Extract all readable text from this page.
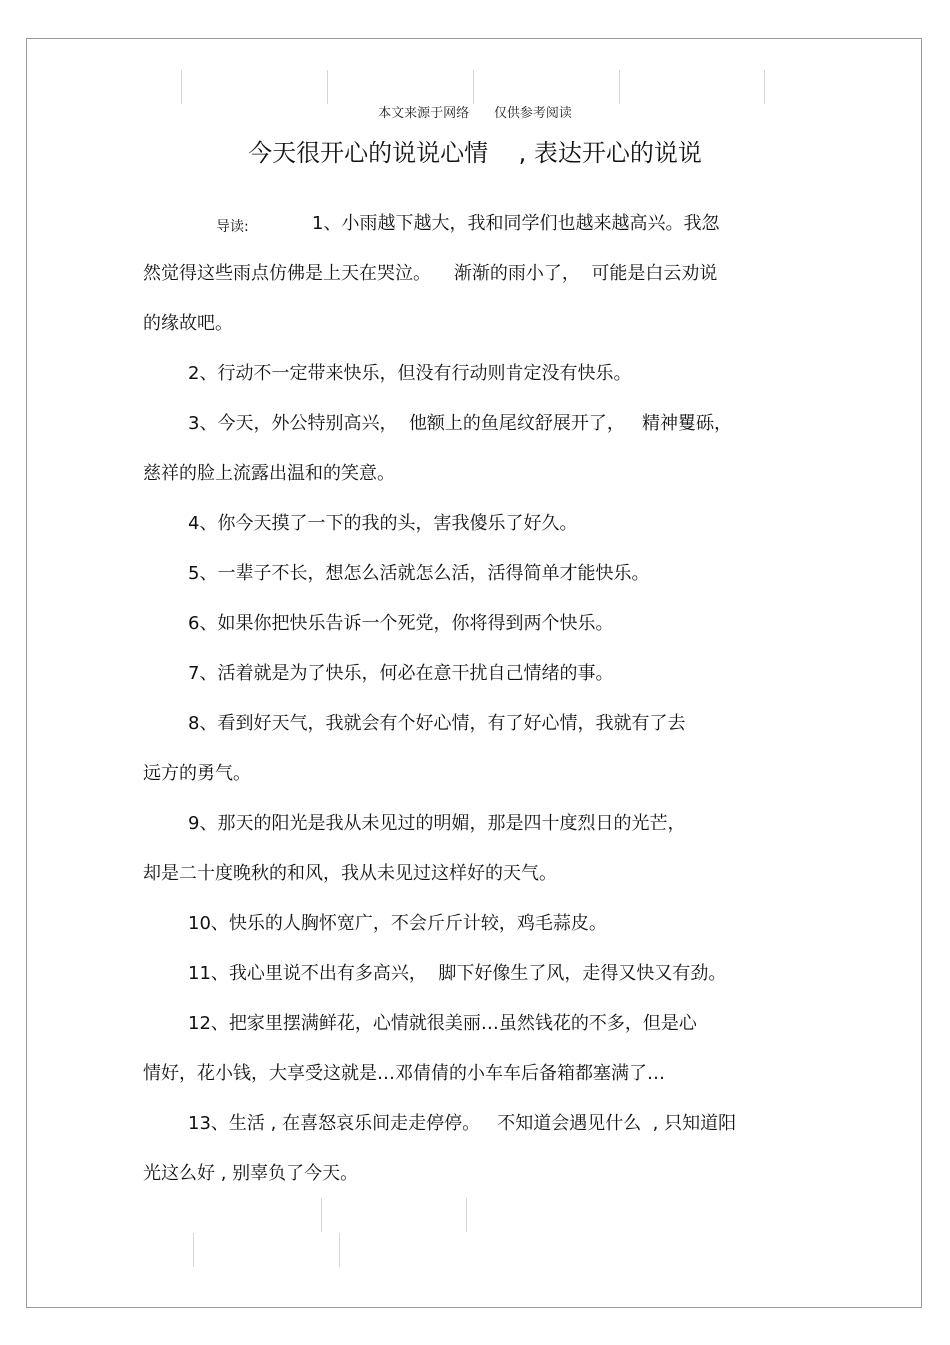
本文来源于网络      仅供参考阅读
今天很开心的说说心情    , 表达开心的说说
导读:	1、小雨越下越大，我和同学们也越来越高兴。我忽
然觉得这些雨点仿佛是上天在哭泣。    渐渐的雨小了，  可能是白云劝说
的缘故吧。
2、行动不一定带来快乐，但没有行动则肯定没有快乐。
3、今天，外公特别高兴，  他额上的鱼尾纹舒展开了，   精神矍砾，
慈祥的脸上流露出温和的笑意。
4、你今天摸了一下的我的头，害我傻乐了好久。
5、一辈子不长，想怎么活就怎么活，活得简单才能快乐。
6、如果你把快乐告诉一个死党，你将得到两个快乐。
7、活着就是为了快乐，何必在意干扰自己情绪的事。
8、看到好天气，我就会有个好心情，有了好心情，我就有了去
远方的勇气。
9、那天的阳光是我从未见过的明媚，那是四十度烈日的光芒，
却是二十度晚秋的和风，我从未见过这样好的天气。
10、快乐的人胸怀宽广，不会斤斤计较，鸡毛蒜皮。
11、我心里说不出有多高兴，  脚下好像生了风，走得又快又有劲。
12、把家里摆满鲜花，心情就很美丽…虽然钱花的不多，但是心
情好，花小钱，大享受这就是…邓倩倩的小车车后备箱都塞满了…
13、生活 , 在喜怒哀乐间走走停停。   不知道会遇见什么  , 只知道阳
光这么好 , 别辜负了今天。
